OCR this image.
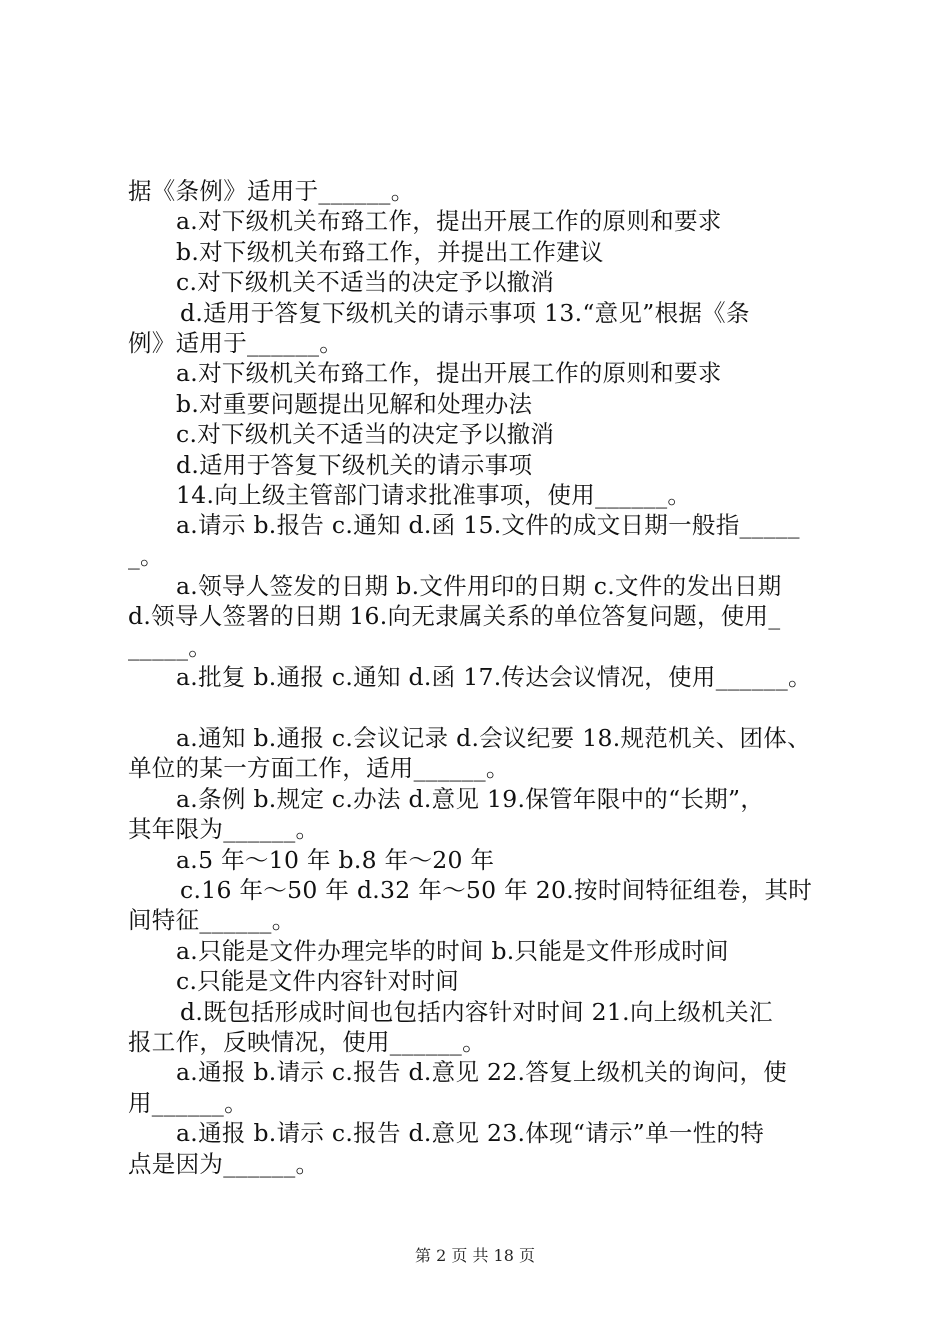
据《条例》适用于______。
a.对下级机关布臵工作，提出开展工作的原则和要求
b.对下级机关布臵工作，并提出工作建议
c.对下级机关不适当的决定予以撤消
d.适用于答复下级机关的请示事项 13.“意见”根据《条
例》适用于______。
a.对下级机关布臵工作，提出开展工作的原则和要求
b.对重要问题提出见解和处理办法
c.对下级机关不适当的决定予以撤消
d.适用于答复下级机关的请示事项
14.向上级主管部门请求批准事项，使用______。
a.请示 b.报告 c.通知 d.函 15.文件的成文日期一般指_____
_。
a.领导人签发的日期 b.文件用印的日期 c.文件的发出日期
d.领导人签署的日期 16.向无隶属关系的单位答复问题，使用_
_____。
a.批复 b.通报 c.通知 d.函 17.传达会议情况，使用______。
a.通知 b.通报 c.会议记录 d.会议纪要 18.规范机关、团体、
单位的某一方面工作，适用______。
a.条例 b.规定 c.办法 d.意见 19.保管年限中的“长期”，
其年限为______。
a.5 年～10 年 b.8 年～20 年
c.16 年～50 年 d.32 年～50 年 20.按时间特征组卷，其时
间特征______。
a.只能是文件办理完毕的时间 b.只能是文件形成时间
c.只能是文件内容针对时间
d.既包括形成时间也包括内容针对时间 21.向上级机关汇
报工作，反映情况，使用______。
a.通报 b.请示 c.报告 d.意见 22.答复上级机关的询问，使
用______。
a.通报 b.请示 c.报告 d.意见 23.体现“请示”单一性的特
点是因为______。
第 2 页 共 18 页
